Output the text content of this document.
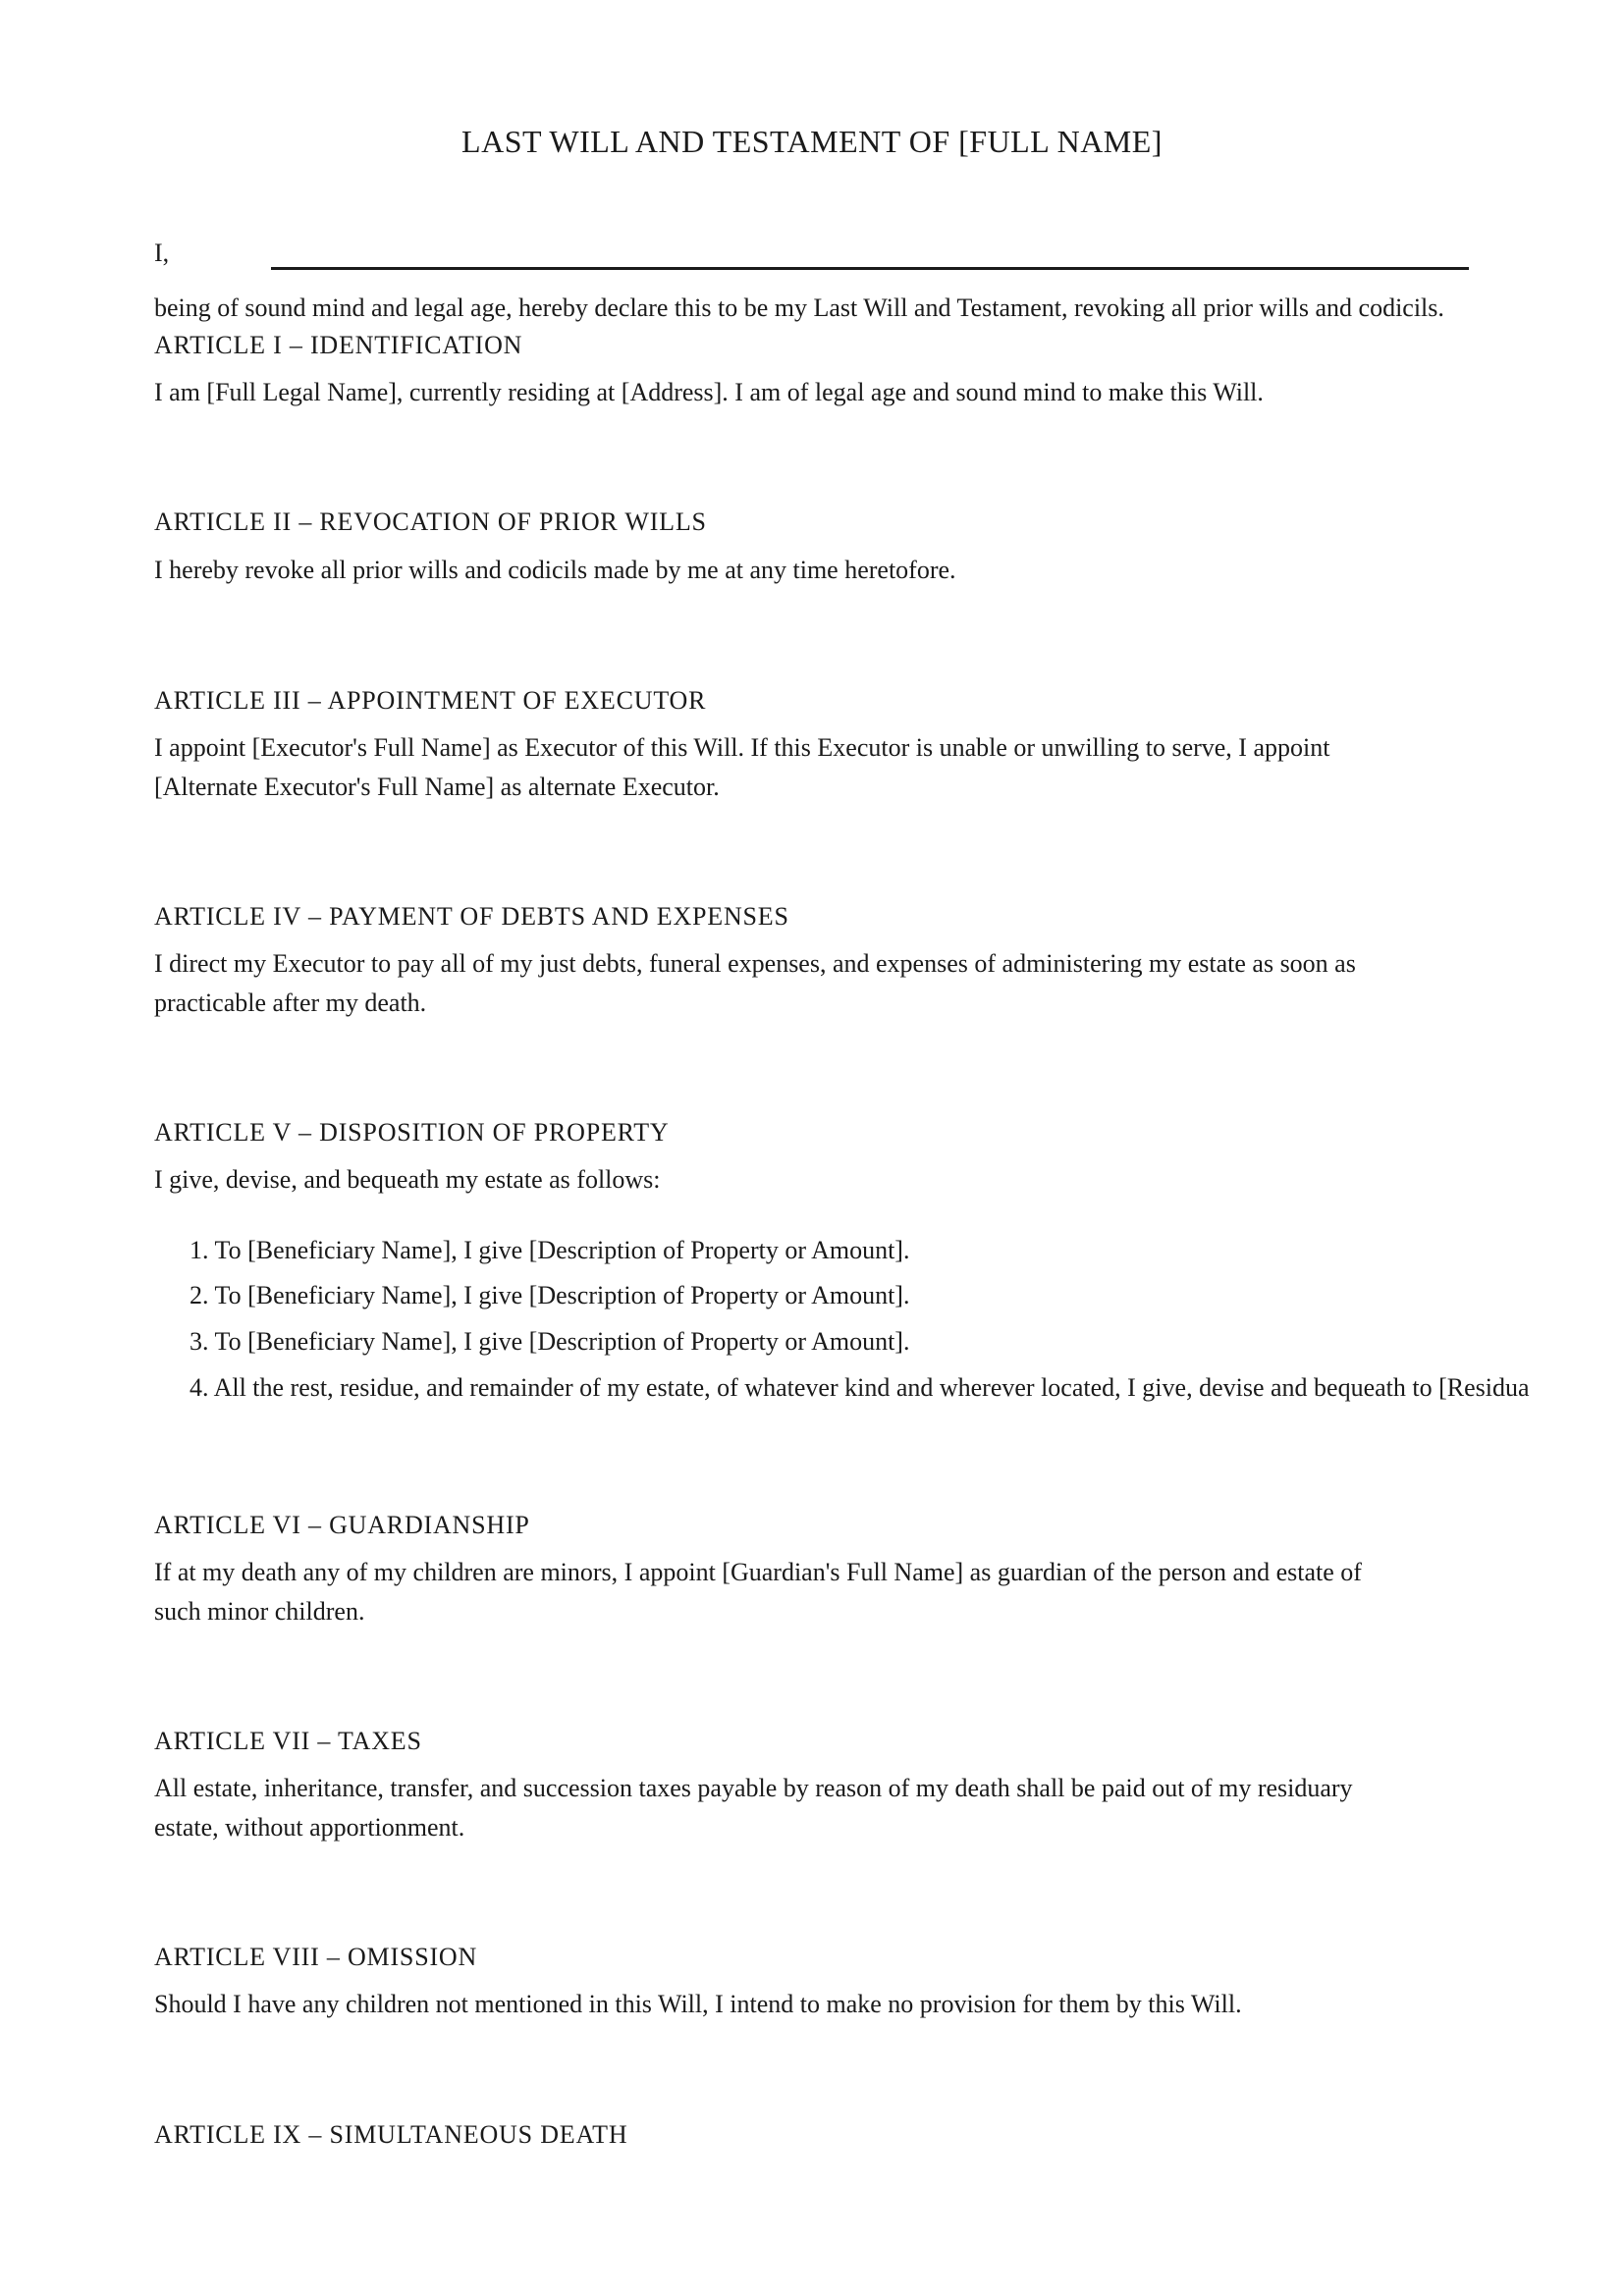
LAST WILL AND TESTAMENT OF [FULL NAME]
I,
being of sound mind and legal age, hereby declare this to be my Last Will and Testament, revoking all prior wills and codicils.
ARTICLE I – IDENTIFICATION
I am [Full Legal Name], currently residing at [Address]. I am of legal age and sound mind to make this Will.
ARTICLE II – REVOCATION OF PRIOR WILLS
I hereby revoke all prior wills and codicils made by me at any time heretofore.
ARTICLE III – APPOINTMENT OF EXECUTOR
I appoint [Executor's Full Name] as Executor of this Will. If this Executor is unable or unwilling to serve, I appoint
[Alternate Executor's Full Name] as alternate Executor.
ARTICLE IV – PAYMENT OF DEBTS AND EXPENSES
I direct my Executor to pay all of my just debts, funeral expenses, and expenses of administering my estate as soon as
practicable after my death.
ARTICLE V – DISPOSITION OF PROPERTY
I give, devise, and bequeath my estate as follows:
1. To [Beneficiary Name], I give [Description of Property or Amount].
2. To [Beneficiary Name], I give [Description of Property or Amount].
3. To [Beneficiary Name], I give [Description of Property or Amount].
4. All the rest, residue, and remainder of my estate, of whatever kind and wherever located, I give, devise and bequeath to [Residua
ARTICLE VI – GUARDIANSHIP
If at my death any of my children are minors, I appoint [Guardian's Full Name] as guardian of the person and estate of
such minor children.
ARTICLE VII – TAXES
All estate, inheritance, transfer, and succession taxes payable by reason of my death shall be paid out of my residuary
estate, without apportionment.
ARTICLE VIII – OMISSION
Should I have any children not mentioned in this Will, I intend to make no provision for them by this Will.
ARTICLE IX – SIMULTANEOUS DEATH
